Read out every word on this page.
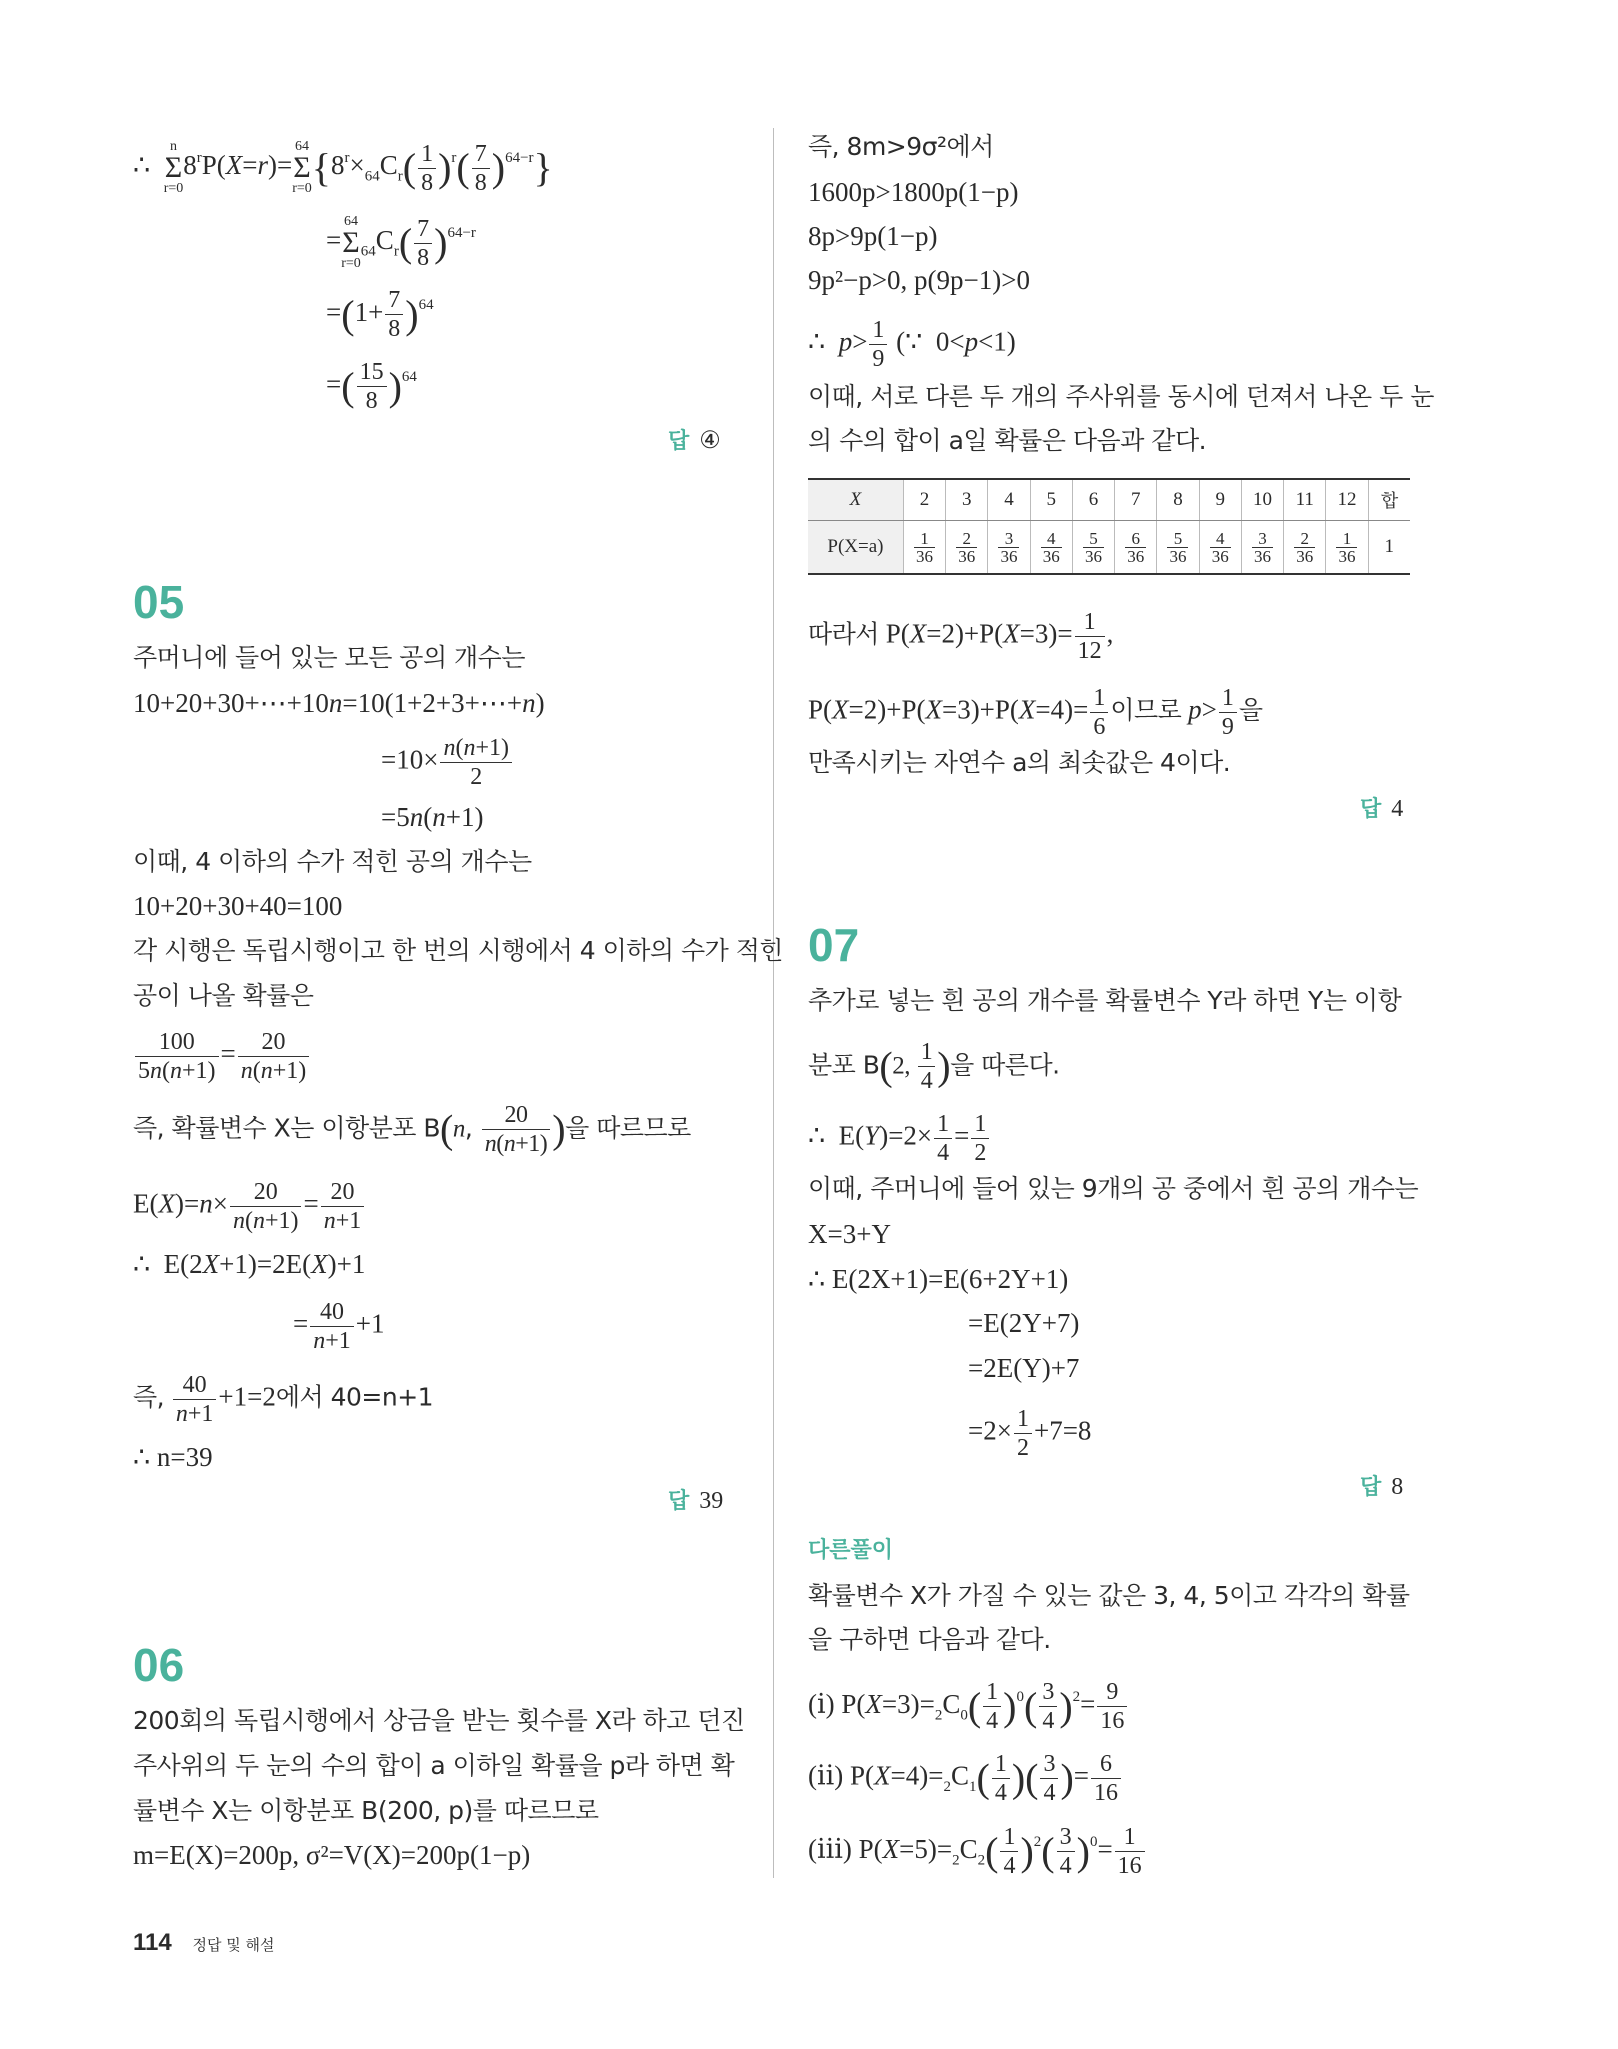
∴  n
Σ
$r=08^rP(X=r)=64$
Σ
$r=0\{8^r\times_{64}C_r( \frac{1}{8} )^r( \frac{7}{8} )^{64-r}\}$
=64
Σ
$r=0_{64}C_r( \frac{7}{8} )^{64-r}$
$=(1+ \frac{7}{8} )^{64}$
=( $\frac{15}{8} )^{64}$
답 ④
05
주머니에 들어 있는 모든 공의 개수는
10+20+30+⋯+10n=10(1+2+3+⋯+n)
$=10\times \frac{n(n+1)}{2}$
=5n(n+1)
이때, 4 이하의 수가 적힌 공의 개수는
10+20+30+40=100
각 시행은 독립시행이고 한 번의 시행에서 4 이하의 수가 적힌
공이 나올 확률은
$\frac{100}{5n(n+1)} = \frac{20}{n(n+1)}$
즉, 확률변수 X는 이항분포 B(n, $\frac{20}{n(n+1)}$ )을 따르므로
$E(X)=n\times \frac{20}{n(n+1)} = \frac{20}{n+1}$
∴  E(2X+1)=2E(X)+1
= $\frac{40}{n+1} +1$
즉, $\frac{40}{n+1} +1=2$에서 40=n+1
∴ n=39
답 39
06
200회의 독립시행에서 상금을 받는 횟수를 X라 하고 던진
주사위의 두 눈의 수의 합이 a 이하일 확률을 p라 하면 확
률변수 X는 이항분포 B(200, p)를 따르므로
m=E(X)=200p, σ²=V(X)=200p(1−p)
즉, 8m>9σ²에서
1600p>1800p(1−p)
8p>9p(1−p)
9p²−p>0, p(9p−1)>0
∴  $p> \frac{1}{9}$ (∵  0<p<1)
이때, 서로 다른 두 개의 주사위를 동시에 던져서 나온 두 눈
의 수의 합이 a일 확률은 다음과 같다.
X	2	3	4	5	6	7	8	9	10	11	12	합
P(X=a)	$\frac{1}{36}$	$\frac{2}{36}$	$\frac{3}{36}$	$\frac{4}{36}$	$\frac{5}{36}$	$\frac{6}{36}$	$\frac{5}{36}$	$\frac{4}{36}$	$\frac{3}{36}$	$\frac{2}{36}$	$\frac{1}{36}$	1
따라서 $P(X=2)+P(X=3)= \frac{1}{12}$ ,
$P(X=2)+P(X=3)+P(X=4)= \frac{1}{6}$ 이므로 $p> \frac{1}{9}$ 을
만족시키는 자연수 a의 최솟값은 4이다.
답 4
07
추가로 넣는 흰 공의 개수를 확률변수 Y라 하면 Y는 이항
분포 B(2, $\frac{1}{4}$ )을 따른다.
∴  $E(Y)=2\times \frac{1}{4} = \frac{1}{2}$
이때, 주머니에 들어 있는 9개의 공 중에서 흰 공의 개수는
X=3+Y
∴ E(2X+1)=E(6+2Y+1)
=E(2Y+7)
=2E(Y)+7
$=2\times \frac{1}{2} +7=8$
답 8
다른풀이
확률변수 X가 가질 수 있는 값은 3, 4, 5이고 각각의 확률
을 구하면 다음과 같다.
(ⅰ) $P(X=3)=_2C_0( \frac{1}{4} )^0( \frac{3}{4} )^2= \frac{9}{16}$
(ⅱ) $P(X=4)=_2C_1( \frac{1}{4}$ )( $\frac{3}{4}$ )= $\frac{6}{16}$
(ⅲ) $P(X=5)=_2C_2( \frac{1}{4} )^2( \frac{3}{4} )^0= \frac{1}{16}$
114 정답 및 해설
